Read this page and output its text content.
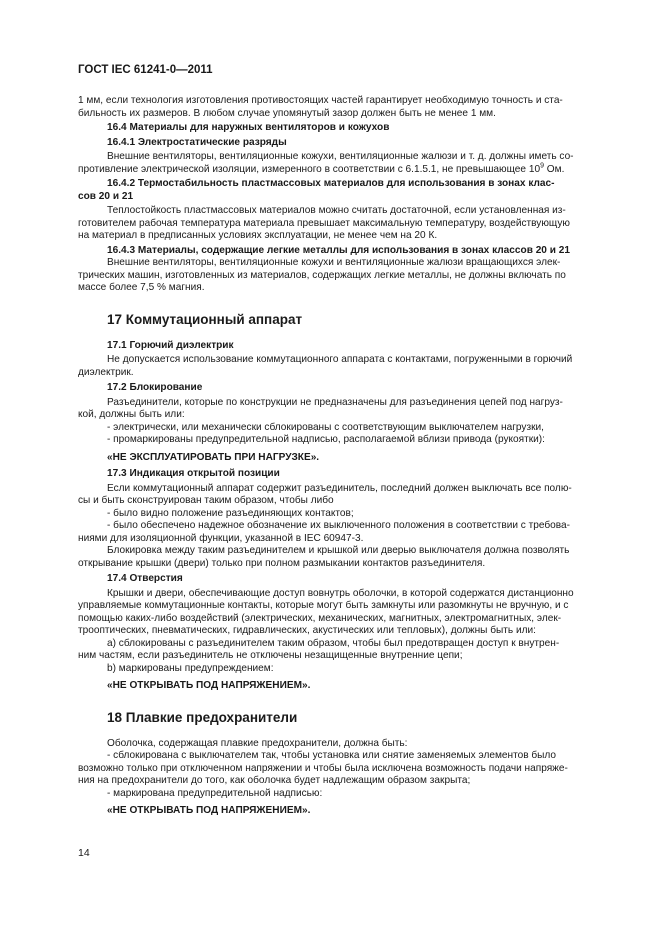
ГОСТ IEC 61241-0—2011

1 мм, если технология изготовления противостоящих частей гарантирует необходимую точность и ста-

бильность их размеров. В любом случае упомянутый зазор должен быть не менее 1 мм.

16.4 Материалы для наружных вентиляторов и кожухов
16.4.1 Электростатические разряды

Внешние вентиляторы, вентиляционные кожухи, вентиляционные жалюзи и т. д. должны иметь со-

противление электрической изоляции, измеренного в соответствии с 6.1.5.1, не превышающее $10^9$ Ом.

16.4.2 Термостабильность пластмассовых материалов для использования в зонах клас-
сов 20 и 21

Теплостойкость пластмассовых материалов можно считать достаточной, если установленная из-

готовителем рабочая температура материала превышает максимальную температуру, воздействующую

на материал в предписанных условиях эксплуатации, не менее чем на 20 К.

16.4.3 Материалы, содержащие легкие металлы для использования в зонах классов 20 и 21

Внешние вентиляторы, вентиляционные кожухи и вентиляционные жалюзи вращающихся элек-

трических машин, изготовленных из материалов, содержащих легкие металлы, не должны включать по

массе более 7,5 % магния.

17 Коммутационный аппарат
17.1 Горючий диэлектрик

Не допускается использование коммутационного аппарата с контактами, погруженными в горючий

диэлектрик.

17.2 Блокирование

Разъединители, которые по конструкции не предназначены для разъединения цепей под нагруз-

кой, должны быть или:

- электрически, или механически сблокированы с соответствующим выключателем нагрузки,

- промаркированы предупредительной надписью, располагаемой вблизи привода (рукоятки):

«НЕ ЭКСПЛУАТИРОВАТЬ ПРИ НАГРУЗКЕ».
17.3 Индикация открытой позиции

Если коммутационный аппарат содержит разъединитель, последний должен выключать все полю-

сы и быть сконструирован таким образом, чтобы либо

- было видно положение разъединяющих контактов;

- было обеспечено надежное обозначение их выключенного положения в соответствии с требова-

ниями для изоляционной функции, указанной в IEC 60947-3.

Блокировка между таким разъединителем и крышкой или дверью выключателя должна позволять

открывание крышки (двери) только при полном размыкании контактов разъединителя.

17.4 Отверстия

Крышки и двери, обеспечивающие доступ вовнутрь оболочки, в которой содержатся дистанционно

управляемые коммутационные контакты, которые могут быть замкнуты или разомкнуты не вручную, и с

помощью каких-либо воздействий (электрических, механических, магнитных, электромагнитных, элек-

трооптических, пневматических, гидравлических, акустических или тепловых), должны быть или:

a) сблокированы с разъединителем таким образом, чтобы был предотвращен доступ к внутрен-

ним частям, если разъединитель не отключены незащищенные внутренние цепи;

b) маркированы предупреждением:

«НЕ ОТКРЫВАТЬ ПОД НАПРЯЖЕНИЕМ».
18 Плавкие предохранители

Оболочка, содержащая плавкие предохранители, должна быть:

- сблокирована с выключателем так, чтобы установка или снятие заменяемых элементов было

возможно только при отключенном напряжении и чтобы была исключена возможность подачи напряже-

ния на предохранители до того, как оболочка будет надлежащим образом закрыта;

- маркирована предупредительной надписью:

«НЕ ОТКРЫВАТЬ ПОД НАПРЯЖЕНИЕМ».
14
